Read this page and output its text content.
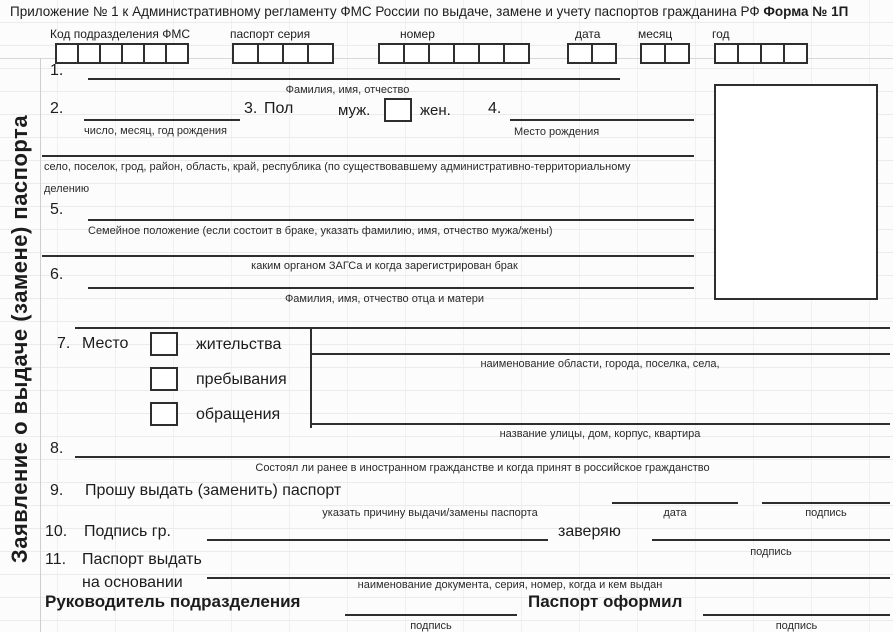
Приложение № 1 к Административному регламенту ФМС России по выдаче, замене и учету паспортов гражданина РФ Форма № 1П
Код подразделения ФМС	паспорт серия	номер	дата	месяц	год
Заявление о выдаче (замене) паспорта
1.
Фамилия, имя, отчество
2.
число, месяц, год рождения
3. Пол	муж.	жен. 4.
Место рождения
село, поселок, грод, район, область, край, республика (по существовавшему административно-территориальному
делению
5.
Семейное положение (если состоит в браке, указать фамилию, имя, отчество мужа/жены)
каким органом ЗАГСа и когда зарегистрирован брак
6.
Фамилия, имя, отчество отца и матери
7. Место	жительства
пребывания
обращения
наименование области, города, поселка, села,
название улицы, дом, корпус, квартира
8.
Состоял ли ранее в иностранном гражданстве и когда принят в российское гражданство
9. Прошу выдать (заменить) паспорт
указать причину выдачи/замены паспорта	дата	подпись
10. Подпись гр.	заверяю
подпись
11. Паспорт выдать
на основании	наименование документа, серия, номер, когда и кем выдан
Руководитель подразделения
подпись
Паспорт оформил
подпись
